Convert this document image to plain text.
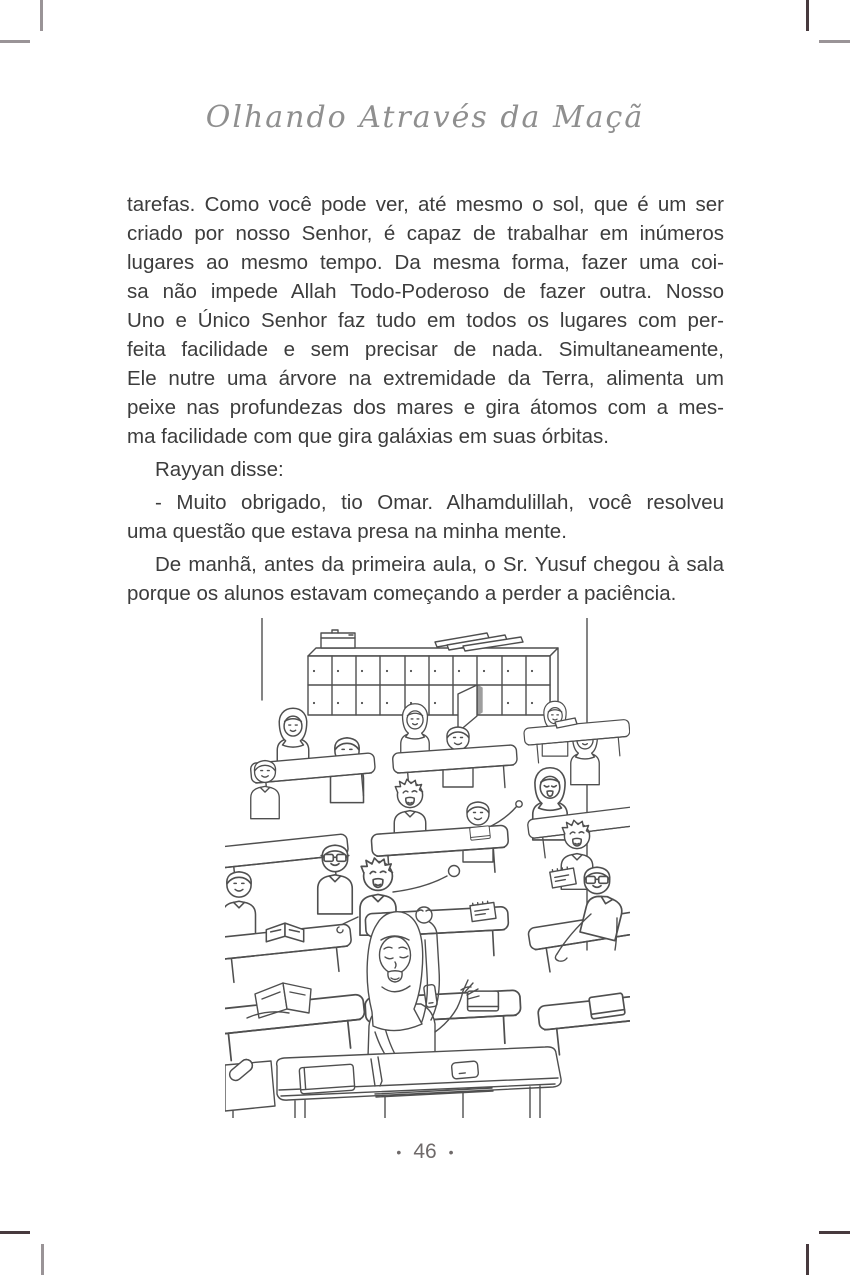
Olhando Através da Maçã
tarefas. Como você pode ver, até mesmo o sol, que é um ser
criado por nosso Senhor, é capaz de trabalhar em inúmeros
lugares ao mesmo tempo. Da mesma forma, fazer uma coi-
sa não impede Allah Todo-Poderoso de fazer outra. Nosso
Uno e Único Senhor faz tudo em todos os lugares com per-
feita facilidade e sem precisar de nada. Simultaneamente,
Ele nutre uma árvore na extremidade da Terra, alimenta um
peixe nas profundezas dos mares e gira átomos com a mes-
ma facilidade com que gira galáxias em suas órbitas.
Rayyan disse:
- Muito obrigado, tio Omar. Alhamdulillah, você resolveu
uma questão que estava presa na minha mente.
De manhã, antes da primeira aula, o Sr. Yusuf chegou à sala
porque os alunos estavam começando a perder a paciência.
• 46 •
